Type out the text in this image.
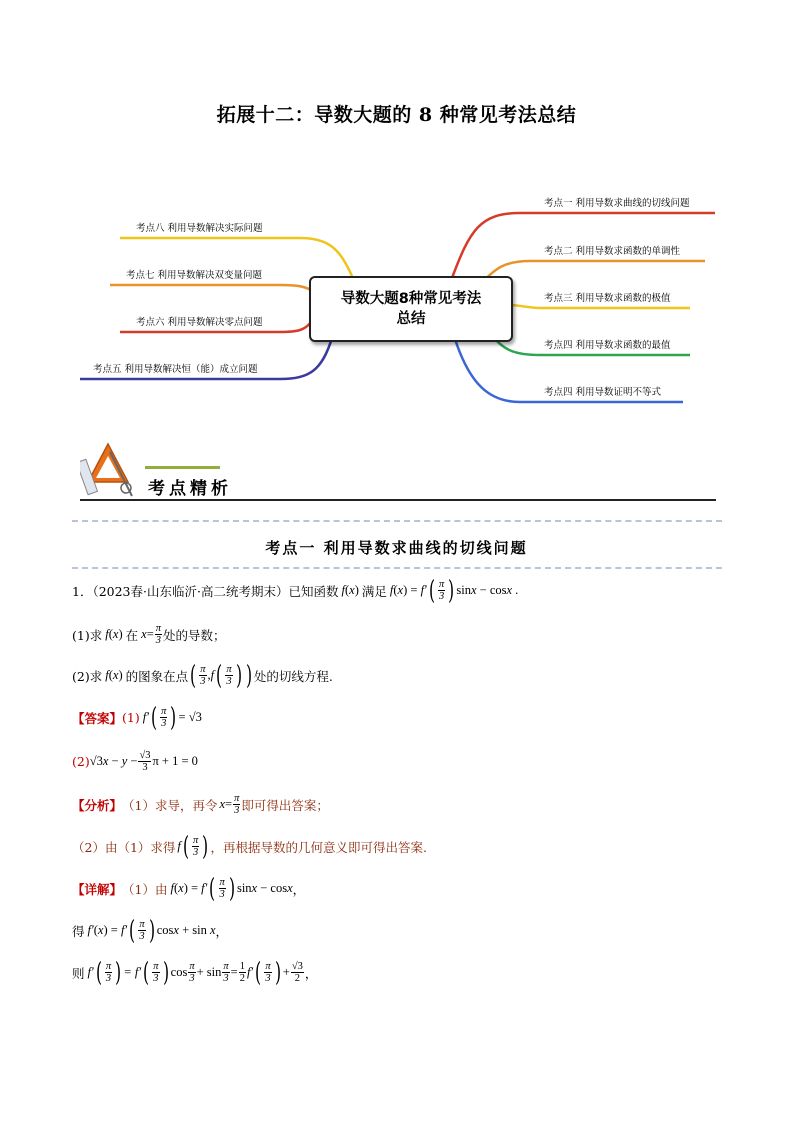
拓展十二：导数大题的 8 种常见考法总结
考点一 利用导数求曲线的切线问题
考点二 利用导数求函数的单调性
考点三 利用导数求函数的极值
考点四 利用导数求函数的最值
考点四 利用导数证明不等式
考点八 利用导数解决实际问题
考点七 利用导数解决双变量问题
考点六 利用导数解决零点问题
考点五 利用导数解决恒（能）成立问题
导数大题8种常见考法
总结
考点精析
考点一 利用导数求曲线的切线问题
1．（2023春·山东临沂·高二统考期末）已知函数 f(x) 满足 f(x) = f′ ( $\frac{\pi}{3}$ ) sinx − cosx .
(1)求 f(x) 在 $x= \frac{\pi}{3}$ 处的导数；
(2)求 f(x) 的图象在点 ( $\frac{\pi}{3}$ , f ( $\frac{\pi}{3}$ ) ) 处的切线方程.
【答案】 (1) f′ ( $\frac{\pi}{3}$ ) = √3
(2) $√3x - y - \frac{√3}{3}$ π + 1 = 0
【分析】 （1）求导，再令 $x= \frac{\pi}{3}$ 即可得出答案；
（2）由（1）求得 f ( $\frac{\pi}{3}$ ) ，再根据导数的几何意义即可得出答案.
【详解】 （1）由 f(x) = f′ ( $\frac{\pi}{3}$ ) sinx − cosx ，
得 f′(x) = f′ ( $\frac{\pi}{3}$ ) cosx + sin x ，
则 f′ ( $\frac{\pi}{3}$ ) = f′ ( $\frac{\pi}{3}$ ) $\cos \frac{\pi}{3} + \sin \frac{\pi}{3} = \frac{1}{2} f'$ ( $\frac{\pi}{3}$ ) + $\frac{√3}{2}$ ，
